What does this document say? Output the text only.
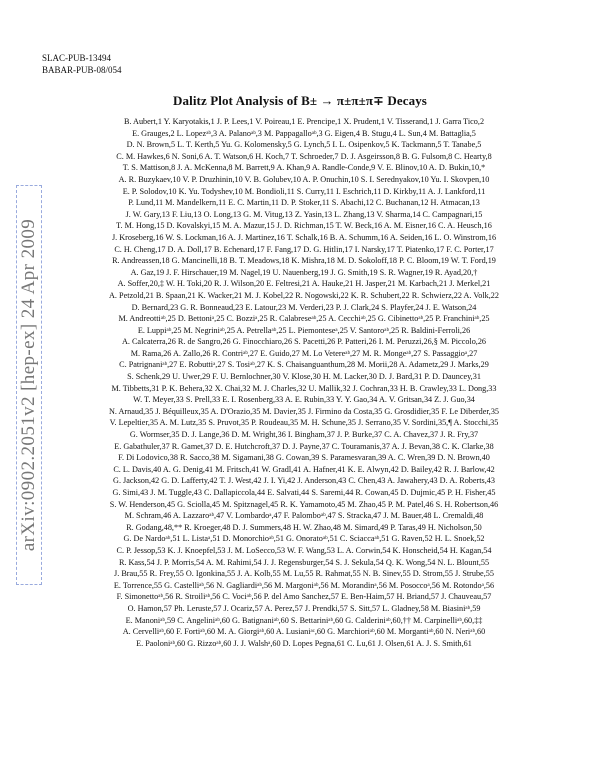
SLAC-PUB-13494
BABAR-PUB-08/054
arXiv:0902.2051v2 [hep-ex] 24 Apr 2009
Dalitz Plot Analysis of B± → π±π±π∓ Decays
B. Aubert,1 Y. Karyotakis,1 J. P. Lees,1 V. Poireau,1 E. Prencipe,1 X. Prudent,1 V. Tisserand,1 J. Garra Tico,2
E. Grauges,2 L. Lopezᵃᵇ,3 A. Palanoᵃᵇ,3 M. Pappagalloᵃᵇ,3 G. Eigen,4 B. Stugu,4 L. Sun,4 M. Battaglia,5
D. N. Brown,5 L. T. Kerth,5 Yu. G. Kolomensky,5 G. Lynch,5 I. L. Osipenkov,5 K. Tackmann,5 T. Tanabe,5
C. M. Hawkes,6 N. Soni,6 A. T. Watson,6 H. Koch,7 T. Schroeder,7 D. J. Asgeirsson,8 B. G. Fulsom,8 C. Hearty,8
T. S. Mattison,8 J. A. McKenna,8 M. Barrett,9 A. Khan,9 A. Randle-Conde,9 V. E. Blinov,10 A. D. Bukin,10,*
A. R. Buzykaev,10 V. P. Druzhinin,10 V. B. Golubev,10 A. P. Onuchin,10 S. I. Serednyakov,10 Yu. I. Skovpen,10
E. P. Solodov,10 K. Yu. Todyshev,10 M. Bondioli,11 S. Curry,11 I. Eschrich,11 D. Kirkby,11 A. J. Lankford,11
P. Lund,11 M. Mandelkern,11 E. C. Martin,11 D. P. Stoker,11 S. Abachi,12 C. Buchanan,12 H. Atmacan,13
J. W. Gary,13 F. Liu,13 O. Long,13 G. M. Vitug,13 Z. Yasin,13 L. Zhang,13 V. Sharma,14 C. Campagnari,15
T. M. Hong,15 D. Kovalskyi,15 M. A. Mazur,15 J. D. Richman,15 T. W. Beck,16 A. M. Eisner,16 C. A. Heusch,16
J. Kroseberg,16 W. S. Lockman,16 A. J. Martinez,16 T. Schalk,16 B. A. Schumm,16 A. Seiden,16 L. O. Winstrom,16
C. H. Cheng,17 D. A. Doll,17 B. Echenard,17 F. Fang,17 D. G. Hitlin,17 I. Narsky,17 T. Piatenko,17 F. C. Porter,17
R. Andreassen,18 G. Mancinelli,18 B. T. Meadows,18 K. Mishra,18 M. D. Sokoloff,18 P. C. Bloom,19 W. T. Ford,19
A. Gaz,19 J. F. Hirschauer,19 M. Nagel,19 U. Nauenberg,19 J. G. Smith,19 S. R. Wagner,19 R. Ayad,20,†
A. Soffer,20,‡ W. H. Toki,20 R. J. Wilson,20 E. Feltresi,21 A. Hauke,21 H. Jasper,21 M. Karbach,21 J. Merkel,21
A. Petzold,21 B. Spaan,21 K. Wacker,21 M. J. Kobel,22 R. Nogowski,22 K. R. Schubert,22 R. Schwierz,22 A. Volk,22
D. Bernard,23 G. R. Bonneaud,23 E. Latour,23 M. Verderi,23 P. J. Clark,24 S. Playfer,24 J. E. Watson,24
M. Andreottiᵃᵇ,25 D. Bettoniᵃ,25 C. Bozziᵃ,25 R. Calabreseᵃᵇ,25 A. Cecchiᵃᵇ,25 G. Cibinettoᵃᵇ,25 P. Franchiniᵃᵇ,25
E. Luppiᵃᵇ,25 M. Negriniᵃᵇ,25 A. Petrellaᵃᵇ,25 L. Piemonteseᵃ,25 V. Santoroᵃᵇ,25 R. Baldini-Ferroli,26
A. Calcaterra,26 R. de Sangro,26 G. Finocchiaro,26 S. Pacetti,26 P. Patteri,26 I. M. Peruzzi,26,§ M. Piccolo,26
M. Rama,26 A. Zallo,26 R. Contriᵃᵇ,27 E. Guido,27 M. Lo Vetereᵃᵇ,27 M. R. Mongeᵃᵇ,27 S. Passaggioᵃ,27
C. Patrignaniᵃᵇ,27 E. Robuttiᵃ,27 S. Tosiᵃᵇ,27 K. S. Chaisanguanthum,28 M. Morii,28 A. Adametz,29 J. Marks,29
S. Schenk,29 U. Uwer,29 F. U. Bernlochner,30 V. Klose,30 H. M. Lacker,30 D. J. Bard,31 P. D. Dauncey,31
M. Tibbetts,31 P. K. Behera,32 X. Chai,32 M. J. Charles,32 U. Mallik,32 J. Cochran,33 H. B. Crawley,33 L. Dong,33
W. T. Meyer,33 S. Prell,33 E. I. Rosenberg,33 A. E. Rubin,33 Y. Y. Gao,34 A. V. Gritsan,34 Z. J. Guo,34
N. Arnaud,35 J. Béquilleux,35 A. D'Orazio,35 M. Davier,35 J. Firmino da Costa,35 G. Grosdidier,35 F. Le Diberder,35
V. Lepeltier,35 A. M. Lutz,35 S. Pruvot,35 P. Roudeau,35 M. H. Schune,35 J. Serrano,35 V. Sordini,35,¶ A. Stocchi,35
G. Wormser,35 D. J. Lange,36 D. M. Wright,36 I. Bingham,37 J. P. Burke,37 C. A. Chavez,37 J. R. Fry,37
E. Gabathuler,37 R. Gamet,37 D. E. Hutchcroft,37 D. J. Payne,37 C. Touramanis,37 A. J. Bevan,38 C. K. Clarke,38
F. Di Lodovico,38 R. Sacco,38 M. Sigamani,38 G. Cowan,39 S. Paramesvaran,39 A. C. Wren,39 D. N. Brown,40
C. L. Davis,40 A. G. Denig,41 M. Fritsch,41 W. Gradl,41 A. Hafner,41 K. E. Alwyn,42 D. Bailey,42 R. J. Barlow,42
G. Jackson,42 G. D. Lafferty,42 T. J. West,42 J. I. Yi,42 J. Anderson,43 C. Chen,43 A. Jawahery,43 D. A. Roberts,43
G. Simi,43 J. M. Tuggle,43 C. Dallapiccola,44 E. Salvati,44 S. Saremi,44 R. Cowan,45 D. Dujmic,45 P. H. Fisher,45
S. W. Henderson,45 G. Sciolla,45 M. Spitznagel,45 R. K. Yamamoto,45 M. Zhao,45 P. M. Patel,46 S. H. Robertson,46
M. Schram,46 A. Lazzaroᵃᵇ,47 V. Lombardoᵃ,47 F. Palomboᵃᵇ,47 S. Stracka,47 J. M. Bauer,48 L. Cremaldi,48
R. Godang,48,** R. Kroeger,48 D. J. Summers,48 H. W. Zhao,48 M. Simard,49 P. Taras,49 H. Nicholson,50
G. De Nardoᵃᵇ,51 L. Listaᵃ,51 D. Monorchioᵃᵇ,51 G. Onoratoᵃᵇ,51 C. Sciaccaᵃᵇ,51 G. Raven,52 H. L. Snoek,52
C. P. Jessop,53 K. J. Knoepfel,53 J. M. LoSecco,53 W. F. Wang,53 L. A. Corwin,54 K. Honscheid,54 H. Kagan,54
R. Kass,54 J. P. Morris,54 A. M. Rahimi,54 J. J. Regensburger,54 S. J. Sekula,54 Q. K. Wong,54 N. L. Blount,55
J. Brau,55 R. Frey,55 O. Igonkina,55 J. A. Kolb,55 M. Lu,55 R. Rahmat,55 N. B. Sinev,55 D. Strom,55 J. Strube,55
E. Torrence,55 G. Castelliᵃᵇ,56 N. Gagliardiᵃᵇ,56 M. Margoniᵃᵇ,56 M. Morandinᵃ,56 M. Posoccoᵃ,56 M. Rotondoᵃ,56
F. Simonettoᵃᵇ,56 R. Stroiliᵃᵇ,56 C. Vociᵃᵇ,56 P. del Amo Sanchez,57 E. Ben-Haim,57 H. Briand,57 J. Chauveau,57
O. Hamon,57 Ph. Leruste,57 J. Ocariz,57 A. Perez,57 J. Prendki,57 S. Sitt,57 L. Gladney,58 M. Biasiniᵃᵇ,59
E. Manoniᵃᵇ,59 C. Angeliniᵃᵇ,60 G. Batignaniᵃᵇ,60 S. Bettariniᵃᵇ,60 G. Calderiniᵃᵇ,60,†† M. Carpinelliᵃᵇ,60,‡‡
A. Cervelliᵃᵇ,60 F. Fortiᵃᵇ,60 M. A. Giorgiᵃᵇ,60 A. Lusianiᵃᶜ,60 G. Marchioriᵃᵇ,60 M. Morgantiᵃᵇ,60 N. Neriᵃᵇ,60
E. Paoloniᵃᵇ,60 G. Rizzoᵃᵇ,60 J. J. Walshᵃ,60 D. Lopes Pegna,61 C. Lu,61 J. Olsen,61 A. J. S. Smith,61
